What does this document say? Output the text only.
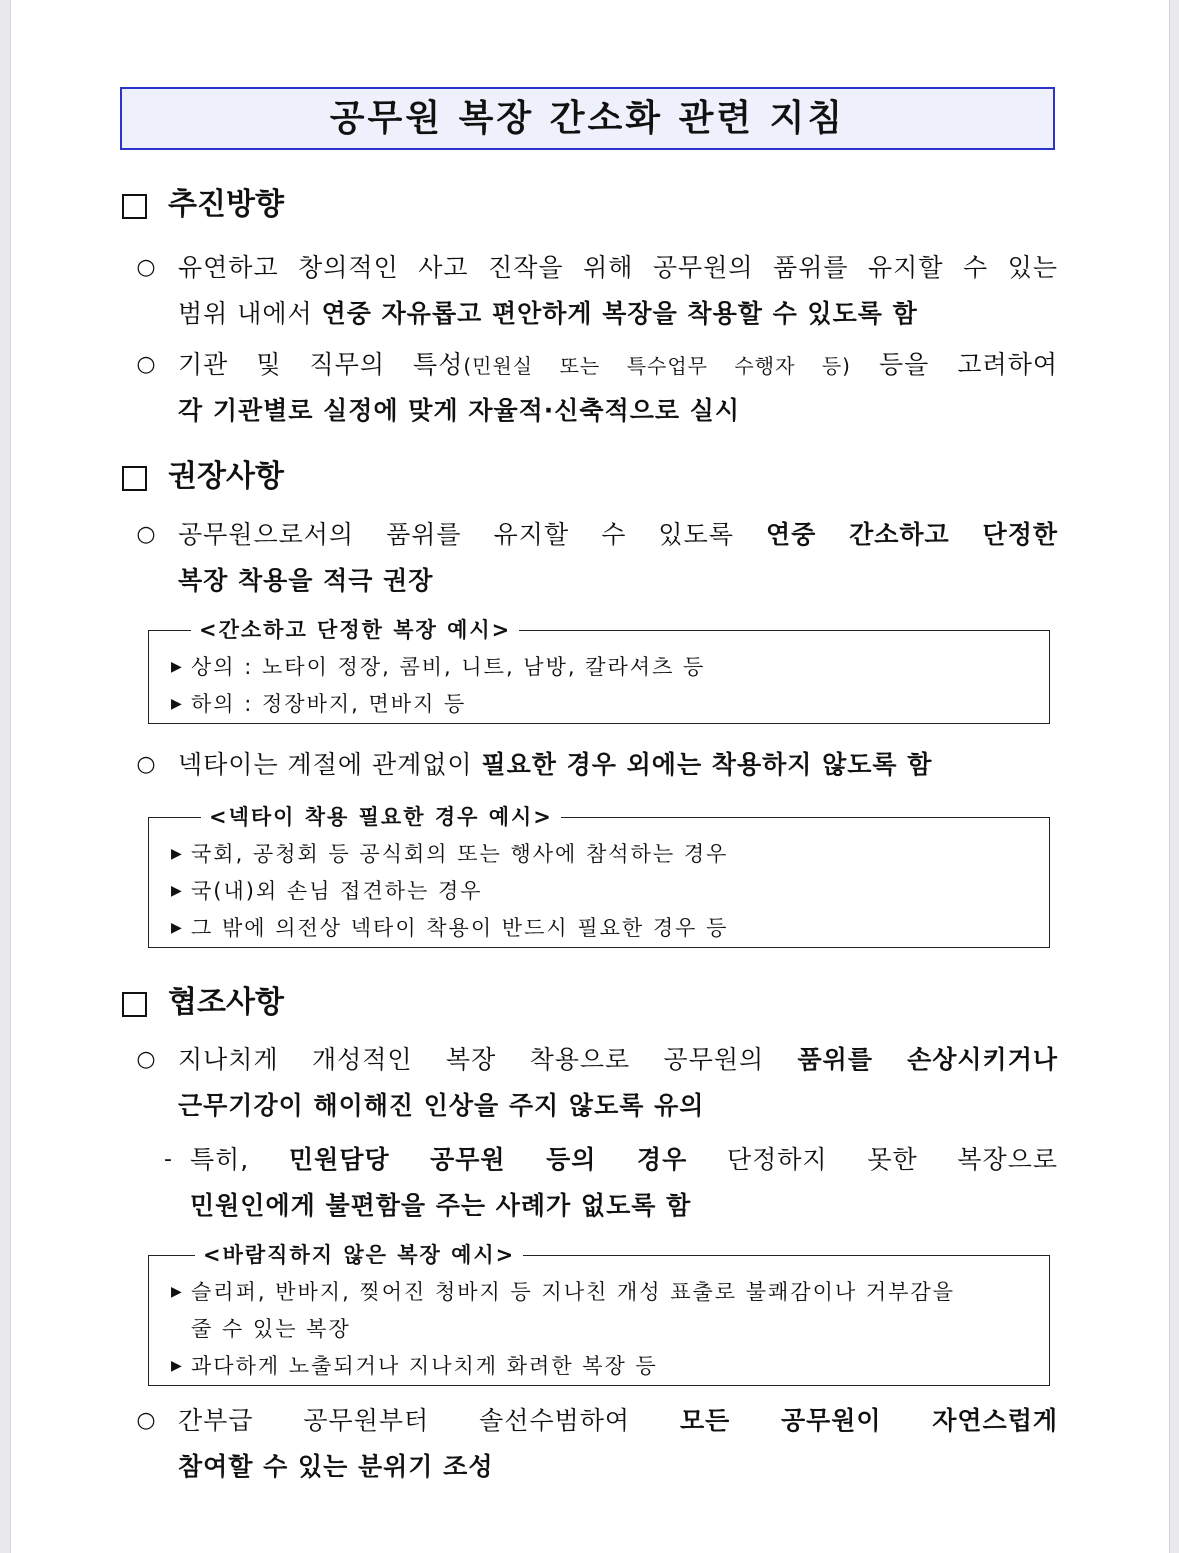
공무원 복장 간소화 관련 지침
추진방향
○ 유연하고 창의적인 사고 진작을 위해 공무원의 품위를 유지할 수 있는
범위 내에서 연중 자유롭고 편안하게 복장을 착용할 수 있도록 함
○ 기관 및 직무의 특성(민원실 또는 특수업무 수행자 등) 등을 고려하여
각 기관별로 실정에 맞게 자율적·신축적으로 실시
권장사항
○ 공무원으로서의 품위를 유지할 수 있도록 연중 간소하고 단정한
복장 착용을 적극 권장
<간소하고 단정한 복장 예시>
▶ 상의 : 노타이 정장, 콤비, 니트, 남방, 칼라셔츠 등
▶ 하의 : 정장바지, 면바지 등
○ 넥타이는 계절에 관계없이 필요한 경우 외에는 착용하지 않도록 함
<넥타이 착용 필요한 경우 예시>
▶ 국회, 공청회 등 공식회의 또는 행사에 참석하는 경우
▶ 국(내)외 손님 접견하는 경우
▶ 그 밖에 의전상 넥타이 착용이 반드시 필요한 경우 등
협조사항
○ 지나치게 개성적인 복장 착용으로 공무원의 품위를 손상시키거나
근무기강이 해이해진 인상을 주지 않도록 유의
- 특히, 민원담당 공무원 등의 경우 단정하지 못한 복장으로
민원인에게 불편함을 주는 사례가 없도록 함
<바람직하지 않은 복장 예시>
▶ 슬리퍼, 반바지, 찢어진 청바지 등 지나친 개성 표출로 불쾌감이나 거부감을
줄 수 있는 복장
▶ 과다하게 노출되거나 지나치게 화려한 복장 등
○ 간부급 공무원부터 솔선수범하여 모든 공무원이 자연스럽게
참여할 수 있는 분위기 조성
